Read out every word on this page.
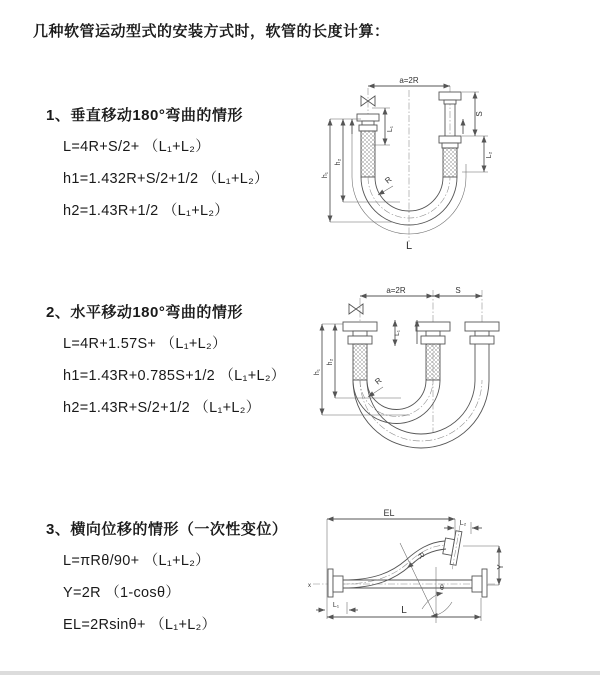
几种软管运动型式的安装方式时，软管的长度计算：
1、垂直移动180°弯曲的情形
L=4R+S/2+ （L₁+L₂）
h1=1.432R+S/2+1/2 （L₁+L₂）
h2=1.43R+1/2 （L₁+L₂）
a=2R
L₁
S
L₂
h₂
h₁	R
L
2、水平移动180°弯曲的情形
L=4R+1.57S+ （L₁+L₂）
h1=1.43R+0.785S+1/2 （L₁+L₂）
h2=1.43R+S/2+1/2 （L₁+L₂）
a=2R	S
h₂
h₁
L₁
R
3、横向位移的情形（一次性变位）
L=πRθ/90+ （L₁+L₂）
Y=2R （1-cosθ）
EL=2Rsinθ+ （L₁+L₂）
EL
L₂
Y
x	θ
R
L₁	L
